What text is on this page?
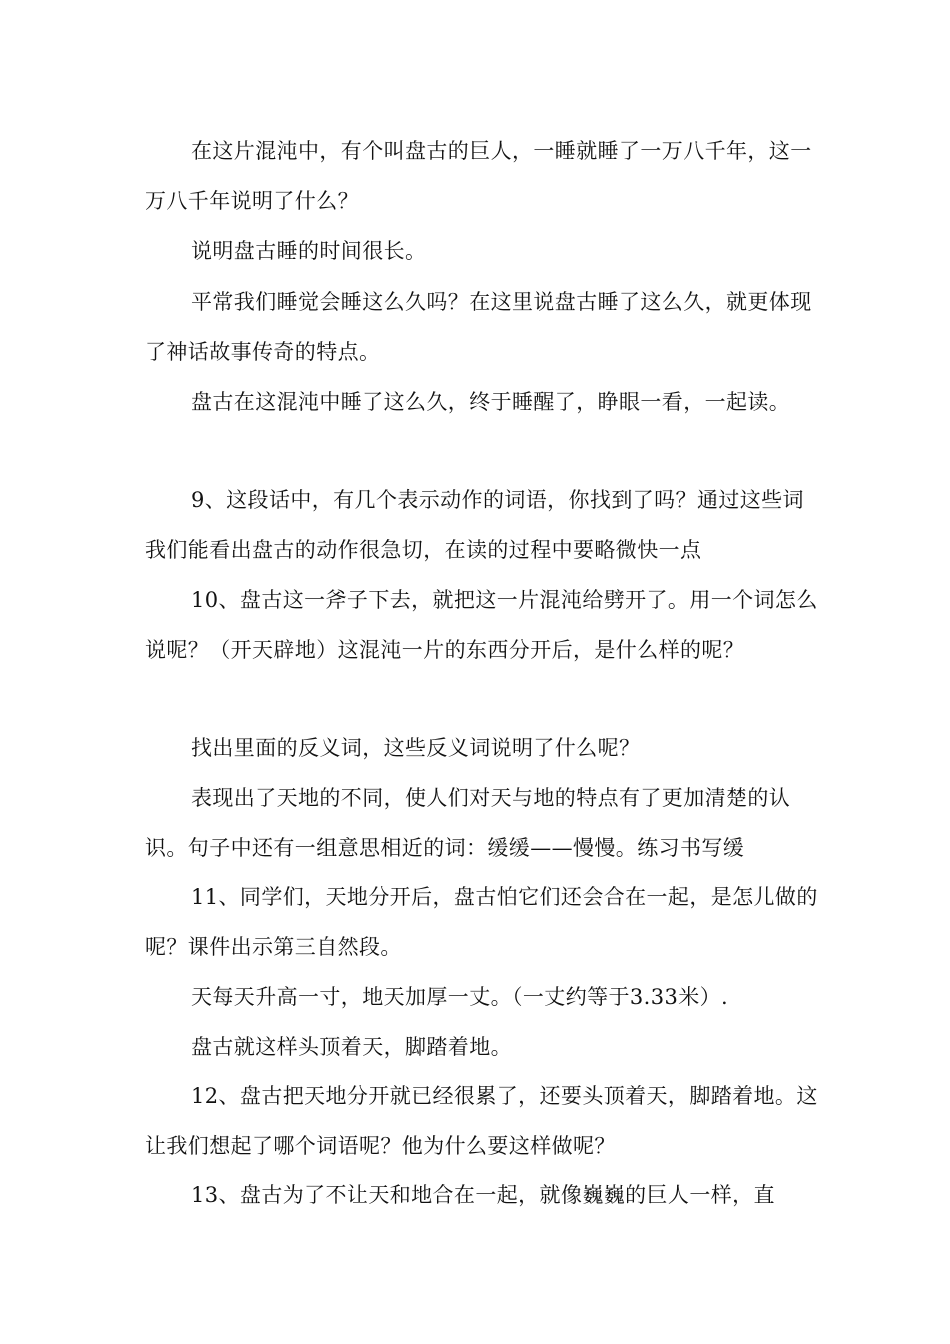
在这片混沌中，有个叫盘古的巨人，一睡就睡了一万八千年，这一万八千年说明了什么？

说明盘古睡的时间很长。

平常我们睡觉会睡这么久吗？在这里说盘古睡了这么久，就更体现了神话故事传奇的特点。

盘古在这混沌中睡了这么久，终于睡醒了，睁眼一看，一起读。

9、这段话中，有几个表示动作的词语，你找到了吗？通过这些词我们能看出盘古的动作很急切，在读的过程中要略微快一点

10、盘古这一斧子下去，就把这一片混沌给劈开了。用一个词怎么说呢？（开天辟地）这混沌一片的东西分开后，是什么样的呢？

找出里面的反义词，这些反义词说明了什么呢？

表现出了天地的不同，使人们对天与地的特点有了更加清楚的认识。句子中还有一组意思相近的词：缓缓——慢慢。练习书写缓

11、同学们，天地分开后，盘古怕它们还会合在一起，是怎儿做的呢？课件出示第三自然段。

天每天升高一寸，地天加厚一丈。（一丈约等于3.33米）.

盘古就这样头顶着天，脚踏着地。

12、盘古把天地分开就已经很累了，还要头顶着天，脚踏着地。这让我们想起了哪个词语呢？他为什么要这样做呢？

13、盘古为了不让天和地合在一起，就像巍巍的巨人一样，直
